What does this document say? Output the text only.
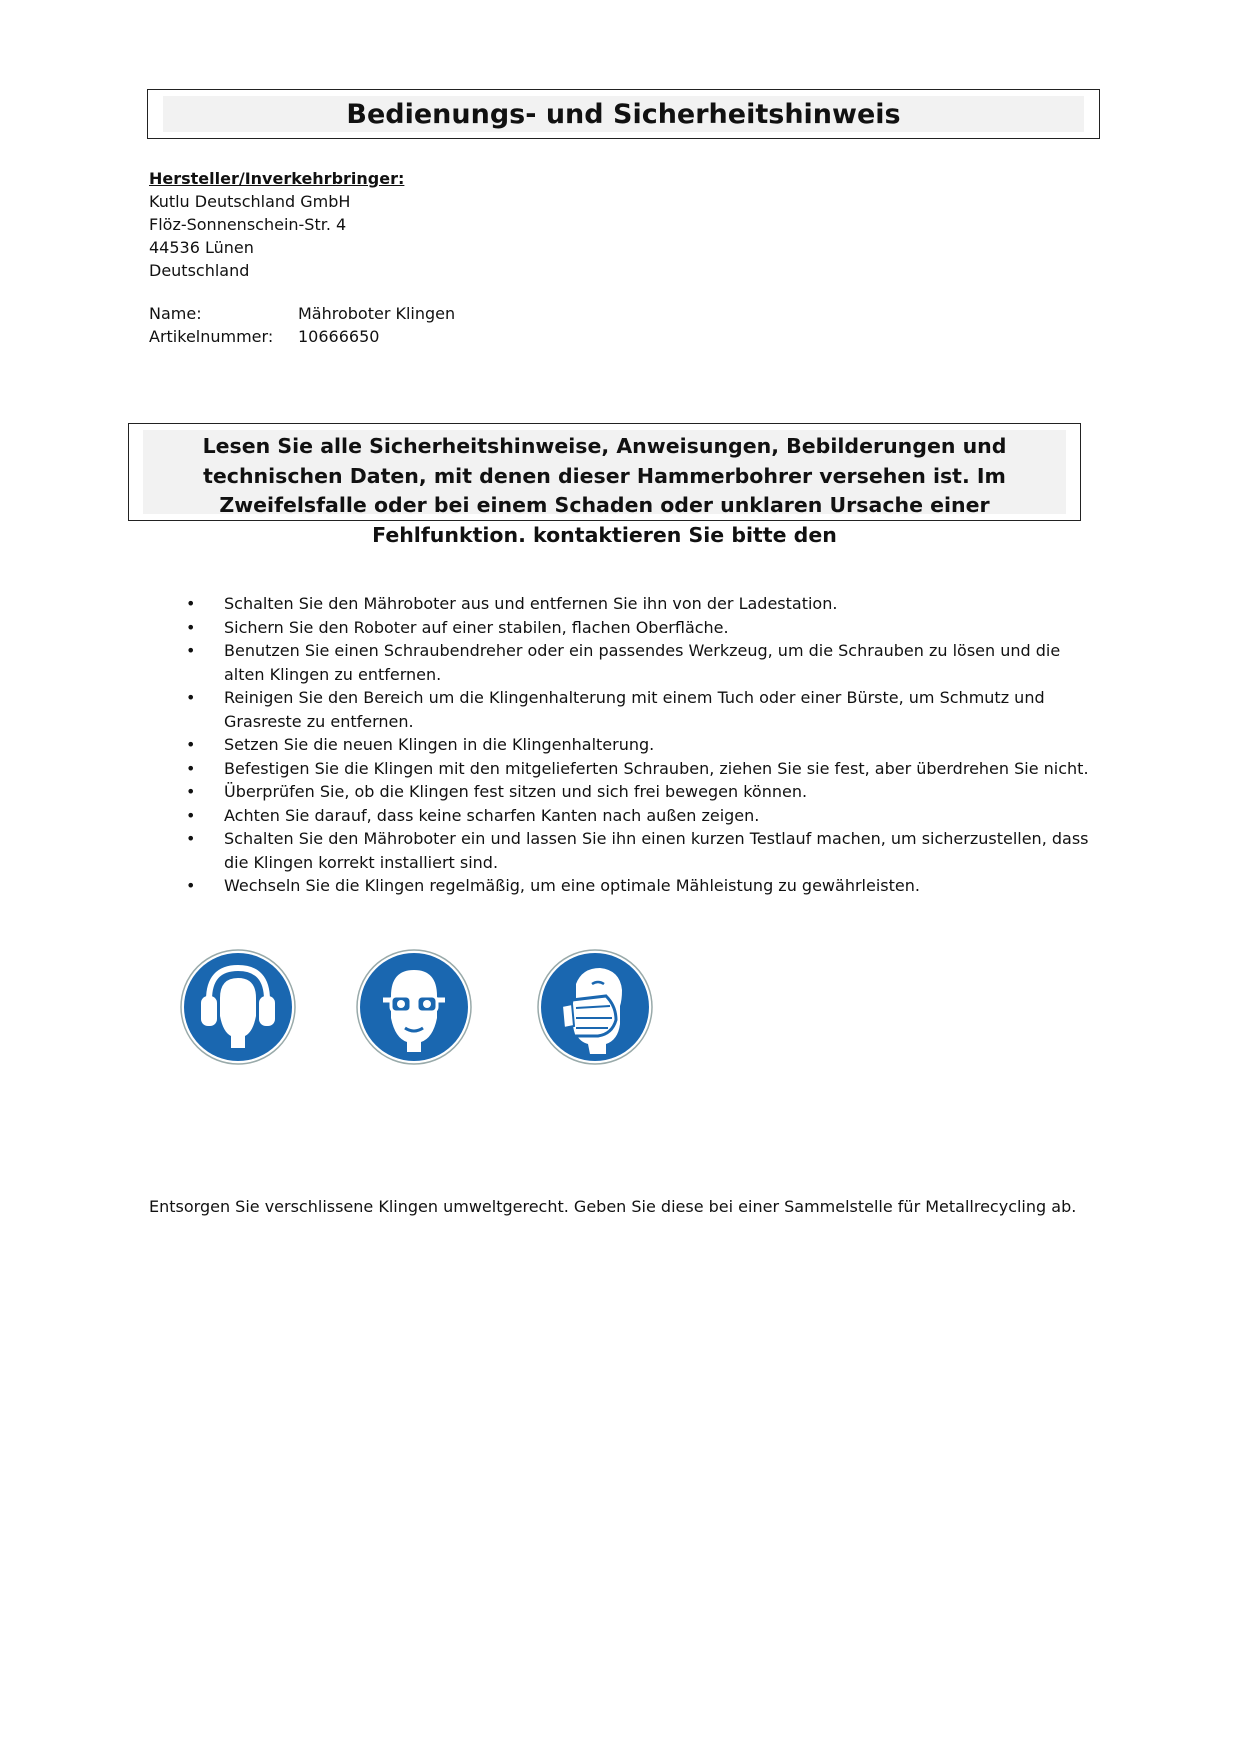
Bedienungs- und Sicherheitshinweis
Hersteller/Inverkehrbringer:
Kutlu Deutschland GmbH
Flöz-Sonnenschein-Str. 4
44536 Lünen
Deutschland
Name:	Mähroboter Klingen
Artikelnummer:	10666650
Lesen Sie alle Sicherheitshinweise, Anweisungen, Bebilderungen und technischen Daten, mit denen dieser Hammerbohrer versehen ist. Im Zweifelsfalle oder bei einem Schaden oder unklaren Ursache einer Fehlfunktion. kontaktieren Sie bitte den
• Schalten Sie den Mähroboter aus und entfernen Sie ihn von der Ladestation.
• Sichern Sie den Roboter auf einer stabilen, flachen Oberfläche.
• Benutzen Sie einen Schraubendreher oder ein passendes Werkzeug, um die Schrauben zu lösen und die alten Klingen zu entfernen.
• Reinigen Sie den Bereich um die Klingenhalterung mit einem Tuch oder einer Bürste, um Schmutz und Grasreste zu entfernen.
• Setzen Sie die neuen Klingen in die Klingenhalterung.
• Befestigen Sie die Klingen mit den mitgelieferten Schrauben, ziehen Sie sie fest, aber überdrehen Sie nicht.
• Überprüfen Sie, ob die Klingen fest sitzen und sich frei bewegen können.
• Achten Sie darauf, dass keine scharfen Kanten nach außen zeigen.
• Schalten Sie den Mähroboter ein und lassen Sie ihn einen kurzen Testlauf machen, um sicherzustellen, dass die Klingen korrekt installiert sind.
• Wechseln Sie die Klingen regelmäßig, um eine optimale Mähleistung zu gewährleisten.
Entsorgen Sie verschlissene Klingen umweltgerecht. Geben Sie diese bei einer Sammelstelle für Metallrecycling ab.
